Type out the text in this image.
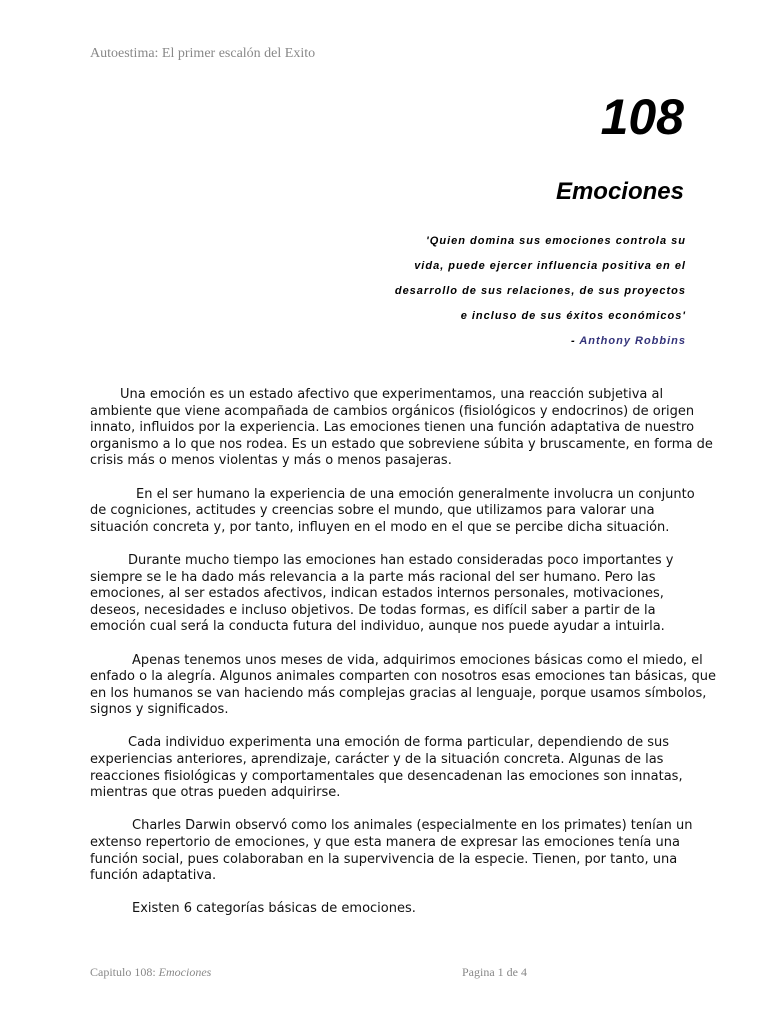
Autoestima: El primer escalón del Exito
108
Emociones
'Quien domina sus emociones controla su
vida, puede ejercer influencia positiva en el
desarrollo de sus relaciones, de sus proyectos
e incluso de sus éxitos económicos'
- Anthony Robbins
Una emoción es un estado afectivo que experimentamos, una reacción subjetiva al
ambiente que viene acompañada de cambios orgánicos (fisiológicos y endocrinos) de origen
innato, influidos por la experiencia. Las emociones tienen una función adaptativa de nuestro
organismo a lo que nos rodea. Es un estado que sobreviene súbita y bruscamente, en forma de
crisis más o menos violentas y más o menos pasajeras.
En el ser humano la experiencia de una emoción generalmente involucra un conjunto
de cogniciones, actitudes y creencias sobre el mundo, que utilizamos para valorar una
situación concreta y, por tanto, influyen en el modo en el que se percibe dicha situación.
Durante mucho tiempo las emociones han estado consideradas poco importantes y
siempre se le ha dado más relevancia a la parte más racional del ser humano. Pero las
emociones, al ser estados afectivos, indican estados internos personales, motivaciones,
deseos, necesidades e incluso objetivos. De todas formas, es difícil saber a partir de la
emoción cual será la conducta futura del individuo, aunque nos puede ayudar a intuirla.
Apenas tenemos unos meses de vida, adquirimos emociones básicas como el miedo, el
enfado o la alegría. Algunos animales comparten con nosotros esas emociones tan básicas, que
en los humanos se van haciendo más complejas gracias al lenguaje, porque usamos símbolos,
signos y significados.
Cada individuo experimenta una emoción de forma particular, dependiendo de sus
experiencias anteriores, aprendizaje, carácter y de la situación concreta. Algunas de las
reacciones fisiológicas y comportamentales que desencadenan las emociones son innatas,
mientras que otras pueden adquirirse.
Charles Darwin observó como los animales (especialmente en los primates) tenían un
extenso repertorio de emociones, y que esta manera de expresar las emociones tenía una
función social, pues colaboraban en la supervivencia de la especie. Tienen, por tanto, una
función adaptativa.
Existen 6 categorías básicas de emociones.
Capitulo 108: Emociones	Pagina 1 de 4
